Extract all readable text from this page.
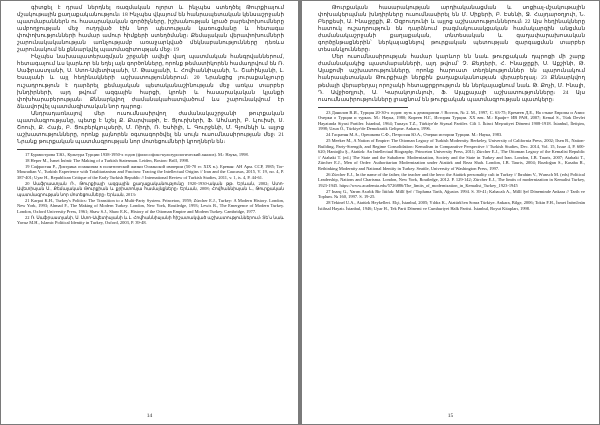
գիտցել է դրամ ներդնել ռազմական ոլորտ և ինչպես ստեղծել Թուրքիայում մշակութային քաղաքականություն։ 18 Ինչպես վկայում են հանրապետական կենսաշրջանի պատմաբաններն ու հասարակական գործիչները, իշխանության կրած բարեփոխումները ամբողջության մեջ ուղղված էին նոր պետության կառուցմանը և հետագա փոփոխությունների համար ամուր հիմքերի ստեղծմանը։ Քեմալական վերափոխումների շարունակականության առնչությամբ առաջարկված մեկնաբանությունները դեռևս շարունակում են քննարկվել պատմագիտության մեջ։ 19

Ինչպես նախապատերազմյան շրջանի ավելի վաղ պատմական հանգրվաններում, հետագայում ևս կարևոր են եղել այն գործոնները, որոնք թեմատիկորեն համադրվում են Ռ. Սաֆրաստյանի, Ս. Ստո-Ավետիսյանի, Մ. Թասլյանի, Լ. Հովհաննիսյանի, Ն. Շահինյանի, Լ. Եսայանի և այլ հեղինակների աշխատություններում։ 20 Նրանցից յուրաքանչյուրը ուշադրություն է դարձրել քեմալական պետականաշինության մեջ առկա տարբեր խնդիրների, այդ թվում՝ ազգային հարցի, կրոնի և հասարակական կյանքի փոխհարաբերության։ Քննարկվող ժամանակահատվածում ևս շարունակվում էր ձևավորվել պատմագիտական նոր դպրոց։

Անդրադառնալով մեր ուսումնասիրվող ժամանակաշրջանի թուրքական պատմագրությանը, պետք է նշել Ք. Քարփաթի, Է. Ցյուրխերի, Ֆ. Ահմադի, Բ. Լյուիսի, Ս. Շոուի, Ք. Հալե, Բ. Ցուբերկյուլսերի, Մ. Ռիդի, Ռ. Եսհիլի, Լ. Գուրջենի, Մ. Գյոմեկի և այլոց աշխատությունները, որոնք լայնորեն օգտագործվել են սույն ուսումնասիրության մեջ։ 21 Նրանք թուրքական պատմագրության նոր մոտեցումների կրողներն են։

17 Бурмистрова Т.Ю., Культура Турции 1938-1950-х годов (философско-культурологический анализ). М.: Наука, 1998.

18 Heper M., İsmet İnönü: The Making of a Turkish Statesman. Leiden, Boston: Brill, 1998.

19 Сафрастян Р., Доктрина османизма в политической жизни Османской империи (50-70 гг. XIX в.). Ереван: АН Арм. ССР, 1985; Tor-Mouradian V., Turkish Experience with Totalitarianism and Fascism: Tracing the Intellectual Origins // Iran and the Caucasus, 2015, V. 19, no. 4, P. 387-401; Uyar H., Republican Critique of the Early Turkish Republic // International Review of Turkish Studies, 2011, v. 1, is. 4, P. 44-61.

20 Սաֆրաստյան Ռ., Թուրքիայի ազգային քաղաքականությունը 1920-1930-ական թթ. Երևան, 2002; Ստո-Ավետիսյան Ս., Քեմալական Թուրքիան և քրիստոնյա համայնքները։ Երևան, 2008; Հովհաննիսյան Լ., Թուրքական պատմագրության նոր մոտեցումները։ Երևան, 2013։

21 Karpat K.H., Turkey's Politics: The Transition to a Multi-Party System. Princeton, 1959; Zürcher E.J., Turkey: A Modern History. London, New York, 1993; Ahmad F., The Making of Modern Turkey. London, New York, Routledge, 1993; Lewis B., The Emergence of Modern Turkey. London, Oxford University Press, 1961; Shaw S.J., Shaw E.K., History of the Ottoman Empire and Modern Turkey. Cambridge, 1977.

22 Ռ. Սաֆրաստյանի, Ս. Ստո-Ավետիսյանի և Լ. Հովհաննիսյանի հիշատակված աշխատություններում։ Տե՛ս նաև Yavuz M.H., Islamic Political Identity in Turkey, Oxford, 2003, P. 39-48.

14

Թուրքական հասարակության արդիականացման և սոցիալ-մշակութային փոխակերպման խնդիրները ուսումնասիրել են Մ. Սիքերի, Բ. Էսենի, Ջ. Հայդարօղլուի, Ն. Բերքեսի, Ա. Ինալջըքի, Ք. Օզբուդունի և այլոց աշխատություններում։ 22 Այս հեղինակները հատուկ ուշադրություն են դարձնում բազմակուսակցական համակարգին անցման ժամանակաշրջանի քաղաքական, տնտեսական և գաղափարախոսական գործընթացներին՝ ներկայացնելով թուրքական պետության զարգացման տարբեր տեսանկյունները։

Մեր ուսումնասիրության համար կարևոր են նաև թուրքական դպրոցի մի շարք ժամանակակից պատմաբանների, այդ թվում՝ Չ. Քեյդերի, Հ. Ինալջըքի, Ս. Աքշինի, Թ. Ալաքոմի աշխատությունները, որոնք հարուստ տեղեկություններ են պարունակում հանրապետական Թուրքիայի ներքին քաղաքականության վերաբերյալ։ 23 Քննարկվող թեմայի վերաբերյալ որոշակի հետաքրքրություն են ներկայացնում նաև Թ. Քոչի, Մ. Ինալի, Դ. Ավջիօղլուի, Ա. Կարակոյունլուի, Ֆ. Ալպքայայի աշխատությունները։ 24 Այս ուսումնասիրությունները լրացնում են թուրքական պատմագրության պատկերը։

23 Данилов В.И., Турция 20-30-х годов: путь к демократии // Восток, № 2. М., 1997, С. 63-75; Еремеев Д.Е., На стыке Европы и Азии: Очерки о Турции и турках. М.: Наука, 1980; Киреев Н.Г., История Турции. XX век. М.: Крафт+ ИВ РАН, 2007; Kemal S., Türk Devlet Hayatında Siyasi Partiler. İstanbul, 1964; Tunaya T.Z., Türkiye'de Siyasal Partiler. Cilt 1. İkinci Meşrutiyet Dönemi 1908-1918. İstanbul, İletişim, 1998; Uzun Ö., Türkiye'de Demokratik Gelişme. Ankara, 1996.

24 Гасратян М.А., Орешкова С.Ф., Петросян Ю.А., Очерки истории Турции. М.: Наука, 1983.

25 Meeker M., A Nation of Empire: The Ottoman Legacy of Turkish Modernity. Berkeley, University of California Press, 2002; Ilsen B., Nation-Building, Party-Strength, and Regime Consolidation: Kemalism in Comparative Perspective // Turkish Studies, Dec. 2014, Vol. 15, Issue 4, P. 600-620; Hanioğlu Ş., Atatürk: An Intellectual Biography. Princeton University Press, 2011; Zürcher E.J., The Ottoman Legacy of the Kemalist Republic // Atabaki T. (ed.) The State and the Subaltern: Modernization, Society and the State in Turkey and Iran. London, I.B. Tauris, 2007; Atabaki T., Zürcher E.J., Men of Order: Authoritarian Modernization under Atatürk and Reza Shah. London, I.B. Tauris, 2004; Bozdoğan S., Kasaba R., Rethinking Modernity and National Identity in Turkey. Seattle, University of Washington Press, 1997.

26 Zürcher E.J., In the name of the father, the teacher and the hero: the Atatürk personality cult in Turkey // Ibrahim V., Wunsch M. (eds) Political Leadership, Nations and Charisma. London, New York, Routledge, 2012. P. 129-142; Zürcher E.J., The limits of modernization in Kemalist Turkey, 1923-1945. https://www.academia.edu/5726886/The_limits_of_modernization_in_Kemalist_Turkey_1923-1945

27 Inanç G., Yarım Asırlık Bir İttifak: Millî Şef / Topluma Tarih, Ağustos 1994. S. 39-41; Kabacalı A., Millî Şef Döneminde Ankara // Tarih ve Toplum. № 160, 1997. S. 19-25.

28 Tekinel U.A., Atatürk Heykelleri. Elçi, İstanbul, 2005; Yıldız K., Atatürk'ten Sonra Türkiye. Ankara, Bilge, 2006; Tokin F.H., İsmet İnönü'nün İstihsal Hayatı. İstanbul, 1946; Uyar H., Tek Parti Dönemi ve Cumhuriyet Halk Partisi. İstanbul, Boyut Kitapları, 1998.

15
